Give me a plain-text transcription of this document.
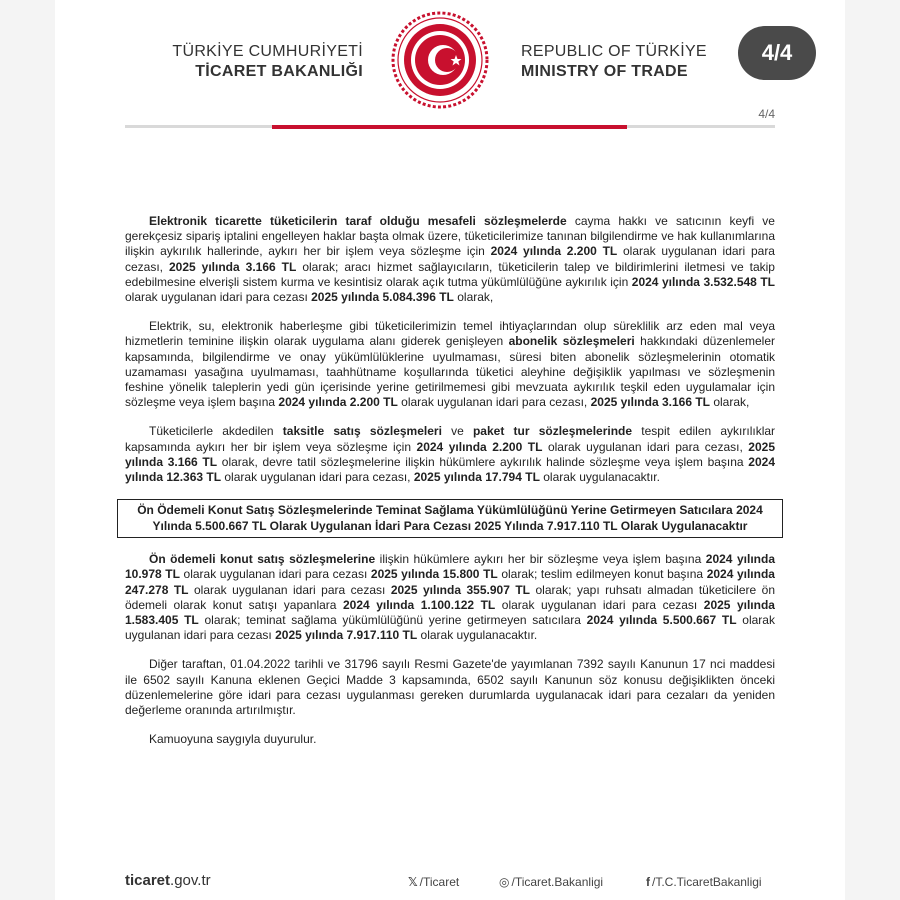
TÜRKİYE CUMHURİYETİ
TİCARET BAKANLIĞI
REPUBLIC OF TÜRKİYE
MINISTRY OF TRADE
4/4
4/4

Elektronik ticarette tüketicilerin taraf olduğu mesafeli sözleşmelerde cayma hakkı ve satıcının keyfi ve gerekçesiz sipariş iptalini engelleyen haklar başta olmak üzere, tüketicilerimize tanınan bilgilendirme ve hak kullanımlarına ilişkin aykırılık hallerinde, aykırı her bir işlem veya sözleşme için 2024 yılında 2.200 TL olarak uygulanan idari para cezası, 2025 yılında 3.166 TL olarak; aracı hizmet sağlayıcıların, tüketicilerin talep ve bildirimlerini iletmesi ve takip edebilmesine elverişli sistem kurma ve kesintisiz olarak açık tutma yükümlülüğüne aykırılık için 2024 yılında 3.532.548 TL olarak uygulanan idari para cezası 2025 yılında 5.084.396 TL olarak,

Elektrik, su, elektronik haberleşme gibi tüketicilerimizin temel ihtiyaçlarından olup süreklilik arz eden mal veya hizmetlerin teminine ilişkin olarak uygulama alanı giderek genişleyen abonelik sözleşmeleri hakkındaki düzenlemeler kapsamında, bilgilendirme ve onay yükümlülüklerine uyulmaması, süresi biten abonelik sözleşmelerinin otomatik uzamaması yasağına uyulmaması, taahhütname koşullarında tüketici aleyhine değişiklik yapılması ve sözleşmenin feshine yönelik taleplerin yedi gün içerisinde yerine getirilmemesi gibi mevzuata aykırılık teşkil eden uygulamalar için sözleşme veya işlem başına 2024 yılında 2.200 TL olarak uygulanan idari para cezası, 2025 yılında 3.166 TL olarak,

Tüketicilerle akdedilen taksitle satış sözleşmeleri ve paket tur sözleşmelerinde tespit edilen aykırılıklar kapsamında aykırı her bir işlem veya sözleşme için 2024 yılında 2.200 TL olarak uygulanan idari para cezası, 2025 yılında 3.166 TL olarak, devre tatil sözleşmelerine ilişkin hükümlere aykırılık halinde sözleşme veya işlem başına 2024 yılında 12.363 TL olarak uygulanan idari para cezası, 2025 yılında 17.794 TL olarak uygulanacaktır.

Ön Ödemeli Konut Satış Sözleşmelerinde Teminat Sağlama Yükümlülüğünü Yerine Getirmeyen Satıcılara 2024 Yılında 5.500.667 TL Olarak Uygulanan İdari Para Cezası 2025 Yılında 7.917.110 TL Olarak Uygulanacaktır

Ön ödemeli konut satış sözleşmelerine ilişkin hükümlere aykırı her bir sözleşme veya işlem başına 2024 yılında 10.978 TL olarak uygulanan idari para cezası 2025 yılında 15.800 TL olarak; teslim edilmeyen konut başına 2024 yılında 247.278 TL olarak uygulanan idari para cezası 2025 yılında 355.907 TL olarak; yapı ruhsatı almadan tüketicilere ön ödemeli olarak konut satışı yapanlara 2024 yılında 1.100.122 TL olarak uygulanan idari para cezası 2025 yılında 1.583.405 TL olarak; teminat sağlama yükümlülüğünü yerine getirmeyen satıcılara 2024 yılında 5.500.667 TL olarak uygulanan idari para cezası 2025 yılında 7.917.110 TL olarak uygulanacaktır.

Diğer taraftan, 01.04.2022 tarihli ve 31796 sayılı Resmi Gazete'de yayımlanan 7392 sayılı Kanunun 17 nci maddesi ile 6502 sayılı Kanuna eklenen Geçici Madde 3 kapsamında, 6502 sayılı Kanunun söz konusu değişiklikten önceki düzenlemelerine göre idari para cezası uygulanması gereken durumlarda uygulanacak idari para cezaları da yeniden değerleme oranında artırılmıştır.

Kamuoyuna saygıyla duyurulur.

ticaret.gov.tr	𝕏 /Ticaret	◎ /Ticaret.Bakanligi	f /T.C.TicaretBakanligi
